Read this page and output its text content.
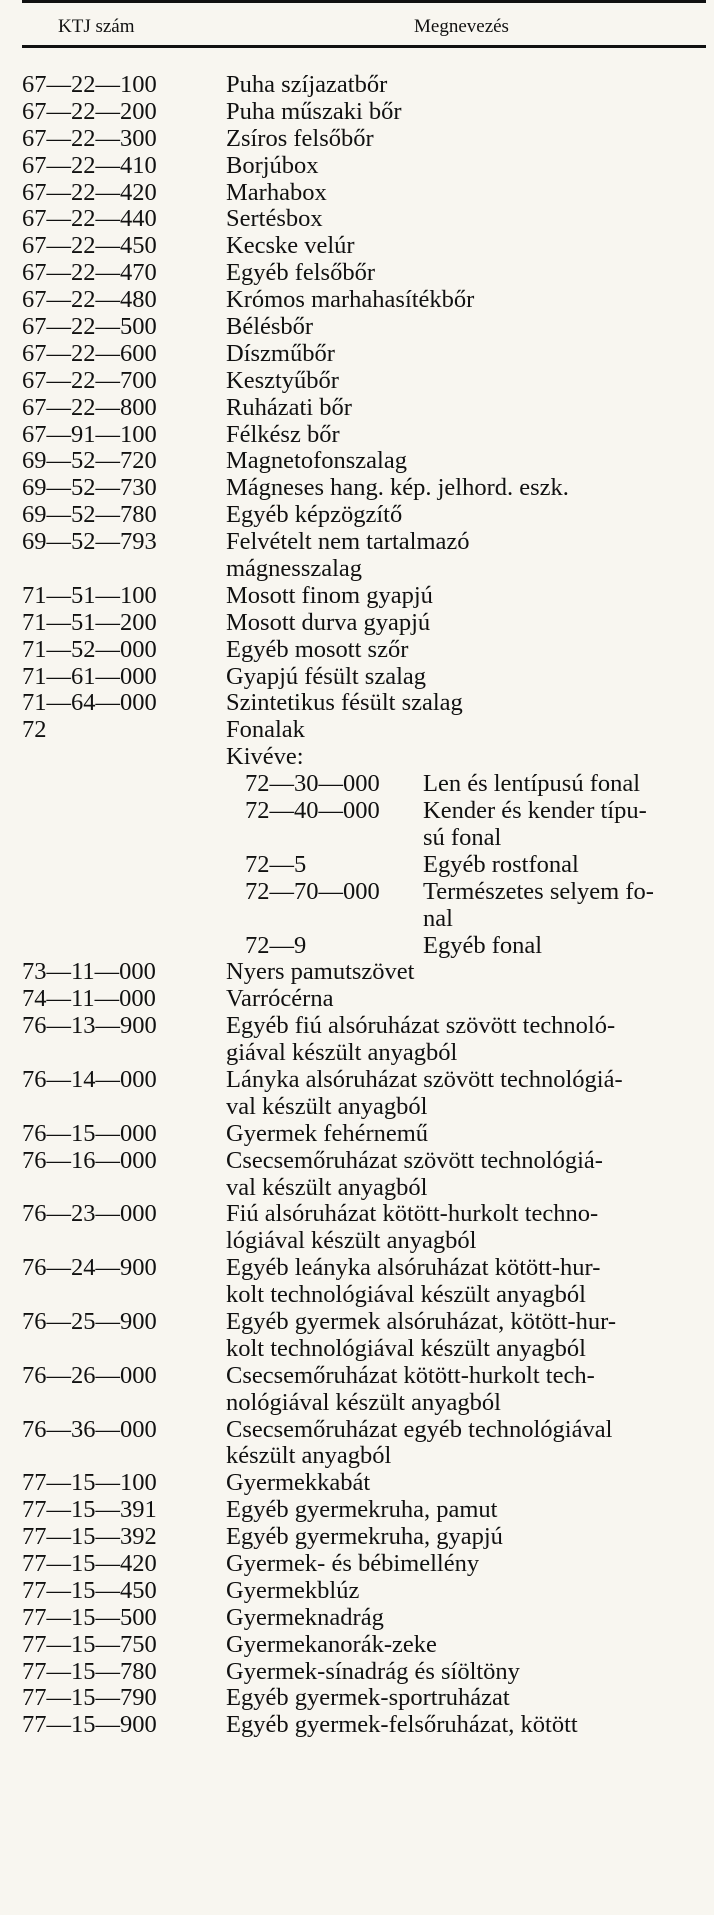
KTJ szám	Megnevezés
67—22—100	Puha szíjazatbőr
67—22—200	Puha műszaki bőr
67—22—300	Zsíros felsőbőr
67—22—410	Borjúbox
67—22—420	Marhabox
67—22—440	Sertésbox
67—22—450	Kecske velúr
67—22—470	Egyéb felsőbőr
67—22—480	Krómos marhahasítékbőr
67—22—500	Bélésbőr
67—22—600	Díszműbőr
67—22—700	Kesztyűbőr
67—22—800	Ruházati bőr
67—91—100	Félkész bőr
69—52—720	Magnetofonszalag
69—52—730	Mágneses hang. kép. jelhord. eszk.
69—52—780	Egyéb képzögzítő
69—52—793	Felvételt nem tartalmazó
mágnesszalag
71—51—100	Mosott finom gyapjú
71—51—200	Mosott durva gyapjú
71—52—000	Egyéb mosott szőr
71—61—000	Gyapjú fésült szalag
71—64—000	Szintetikus fésült szalag
72	Fonalak
Kivéve:
72—30—000 Len és lentípusú fonal
72—40—000 Kender és kender típu-
sú fonal
72—5	Egyéb rostfonal
72—70—000 Természetes selyem fo-
nal
72—9	Egyéb fonal
73—11—000	Nyers pamutszövet
74—11—000	Varrócérna
76—13—900	Egyéb fiú alsóruházat szövött technoló-
giával készült anyagból
76—14—000	Lányka alsóruházat szövött technológiá-
val készült anyagból
76—15—000	Gyermek fehérnemű
76—16—000	Csecsemőruházat szövött technológiá-
val készült anyagból
76—23—000	Fiú alsóruházat kötött-hurkolt techno-
lógiával készült anyagból
76—24—900	Egyéb leányka alsóruházat kötött-hur-
kolt technológiával készült anyagból
76—25—900	Egyéb gyermek alsóruházat, kötött-hur-
kolt technológiával készült anyagból
76—26—000	Csecsemőruházat kötött-hurkolt tech-
nológiával készült anyagból
76—36—000	Csecsemőruházat egyéb technológiával
készült anyagból
77—15—100	Gyermekkabát
77—15—391	Egyéb gyermekruha, pamut
77—15—392	Egyéb gyermekruha, gyapjú
77—15—420	Gyermek- és bébimellény
77—15—450	Gyermekblúz
77—15—500	Gyermeknadrág
77—15—750	Gyermekanorák-zeke
77—15—780	Gyermek-sínadrág és síöltöny
77—15—790	Egyéb gyermek-sportruházat
77—15—900	Egyéb gyermek-felsőruházat, kötött
